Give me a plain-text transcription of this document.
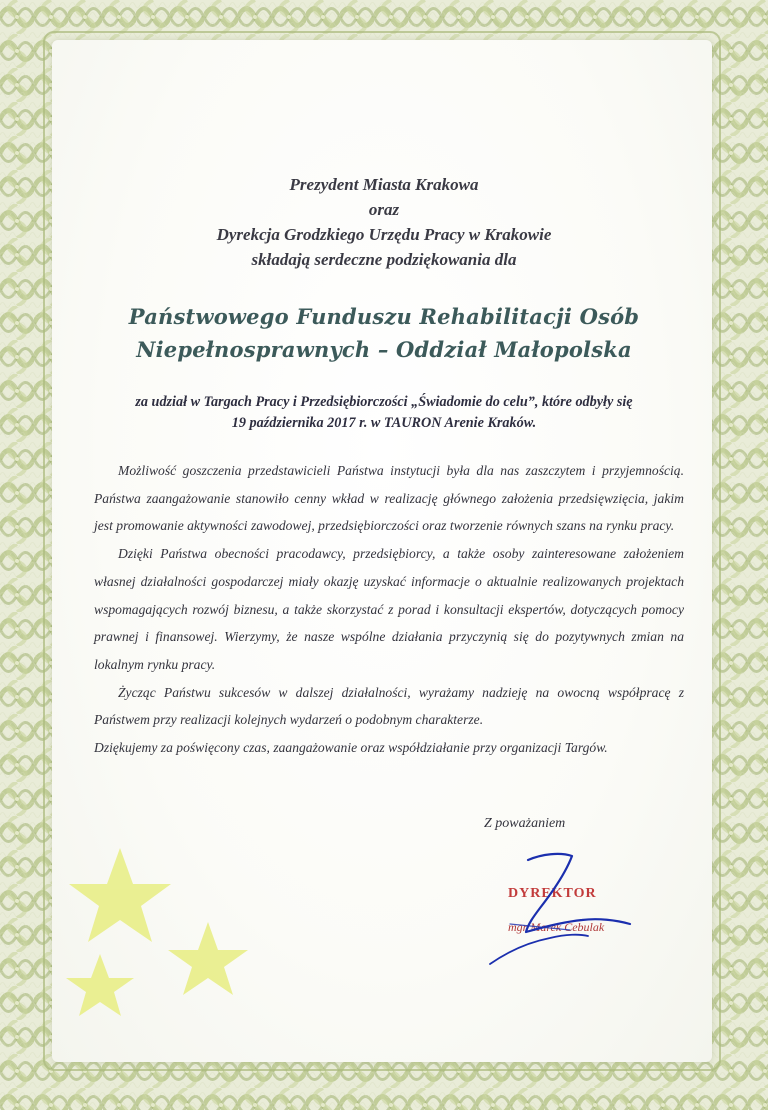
Prezydent Miasta Krakowa
oraz
Dyrekcja Grodzkiego Urzędu Pracy w Krakowie
składają serdeczne podziękowania dla
Państwowego Funduszu Rehabilitacji Osób
Niepełnosprawnych – Oddział Małopolska
za udział w Targach Pracy i Przedsiębiorczości „Świadomie do celu”, które odbyły się
19 października 2017 r. w TAURON Arenie Kraków.

Możliwość goszczenia przedstawicieli Państwa instytucji była dla nas zaszczytem i przyjemnością. Państwa zaangażowanie stanowiło cenny wkład w realizację głównego założenia przedsięwzięcia, jakim jest promowanie aktywności zawodowej, przedsiębiorczości oraz tworzenie równych szans na rynku pracy.

Dzięki Państwa obecności pracodawcy, przedsiębiorcy, a także osoby zainteresowane założeniem własnej działalności gospodarczej miały okazję uzyskać informacje o aktualnie realizowanych projektach wspomagających rozwój biznesu, a także skorzystać z porad i konsultacji ekspertów, dotyczących pomocy prawnej i finansowej. Wierzymy, że nasze wspólne działania przyczynią się do pozytywnych zmian na lokalnym rynku pracy.

Życząc Państwu sukcesów w dalszej działalności, wyrażamy nadzieję na owocną współpracę z Państwem przy realizacji kolejnych wydarzeń o podobnym charakterze.

Dziękujemy za poświęcony czas, zaangażowanie oraz współdziałanie przy organizacji Targów.

Z poważaniem
DYREKTOR
mgr Marek Cebulak
